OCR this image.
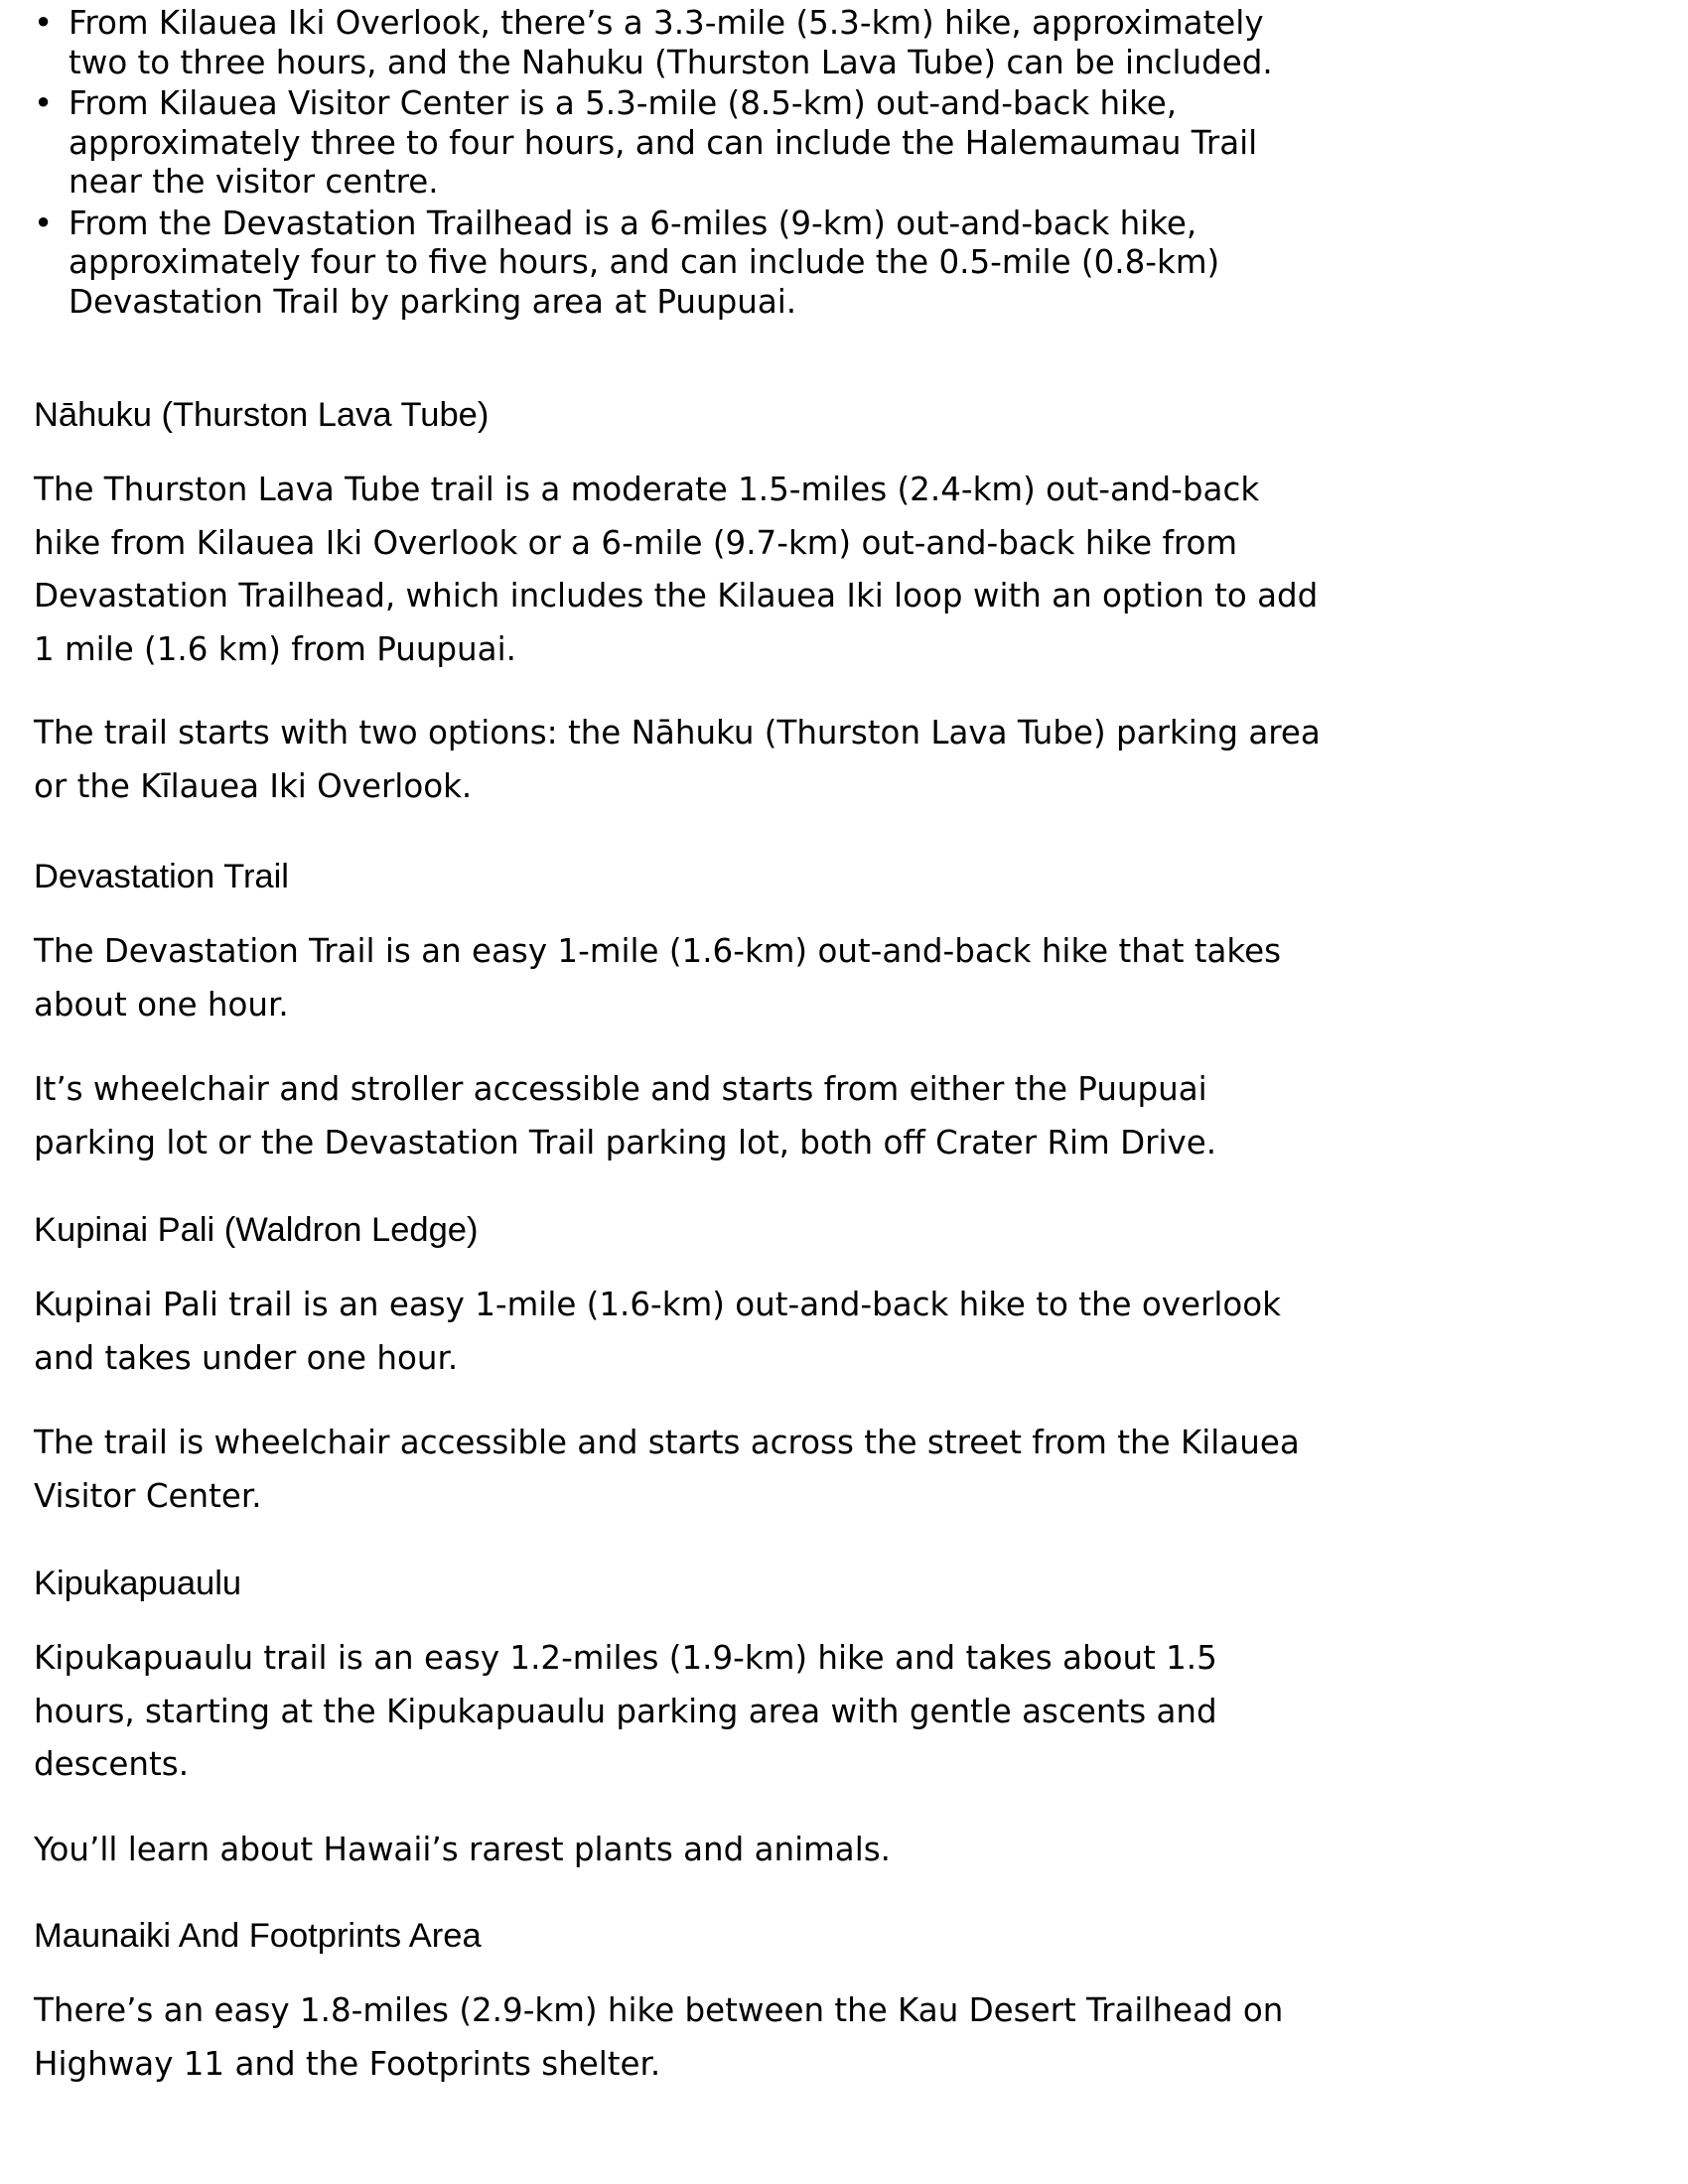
• From Kilauea Iki Overlook, there’s a 3.3-mile (5.3-km) hike, approximately two to three hours, and the Nahuku (Thurston Lava Tube) can be included.
• From Kilauea Visitor Center is a 5.3-mile (8.5-km) out-and-back hike, approximately three to four hours, and can include the Halemaumau Trail near the visitor centre.
• From the Devastation Trailhead is a 6-miles (9-km) out-and-back hike, approximately four to five hours, and can include the 0.5-mile (0.8-km) Devastation Trail by parking area at Puupuai.
Nāhuku (Thurston Lava Tube)

The Thurston Lava Tube trail is a moderate 1.5-miles (2.4-km) out-and-back hike from Kilauea Iki Overlook or a 6-mile (9.7-km) out-and-back hike from Devastation Trailhead, which includes the Kilauea Iki loop with an option to add 1 mile (1.6 km) from Puupuai.

The trail starts with two options: the Nāhuku (Thurston Lava Tube) parking area or the Kīlauea Iki Overlook.

Devastation Trail

The Devastation Trail is an easy 1-mile (1.6-km) out-and-back hike that takes about one hour.

It’s wheelchair and stroller accessible and starts from either the Puupuai parking lot or the Devastation Trail parking lot, both off Crater Rim Drive.

Kupinai Pali (Waldron Ledge)

Kupinai Pali trail is an easy 1-mile (1.6-km) out-and-back hike to the overlook and takes under one hour.

The trail is wheelchair accessible and starts across the street from the Kilauea Visitor Center.

Kipukapuaulu

Kipukapuaulu trail is an easy 1.2-miles (1.9-km) hike and takes about 1.5 hours, starting at the Kipukapuaulu parking area with gentle ascents and descents.

You’ll learn about Hawaii’s rarest plants and animals.

Maunaiki And Footprints Area

There’s an easy 1.8-miles (2.9-km) hike between the Kau Desert Trailhead on Highway 11 and the Footprints shelter.
